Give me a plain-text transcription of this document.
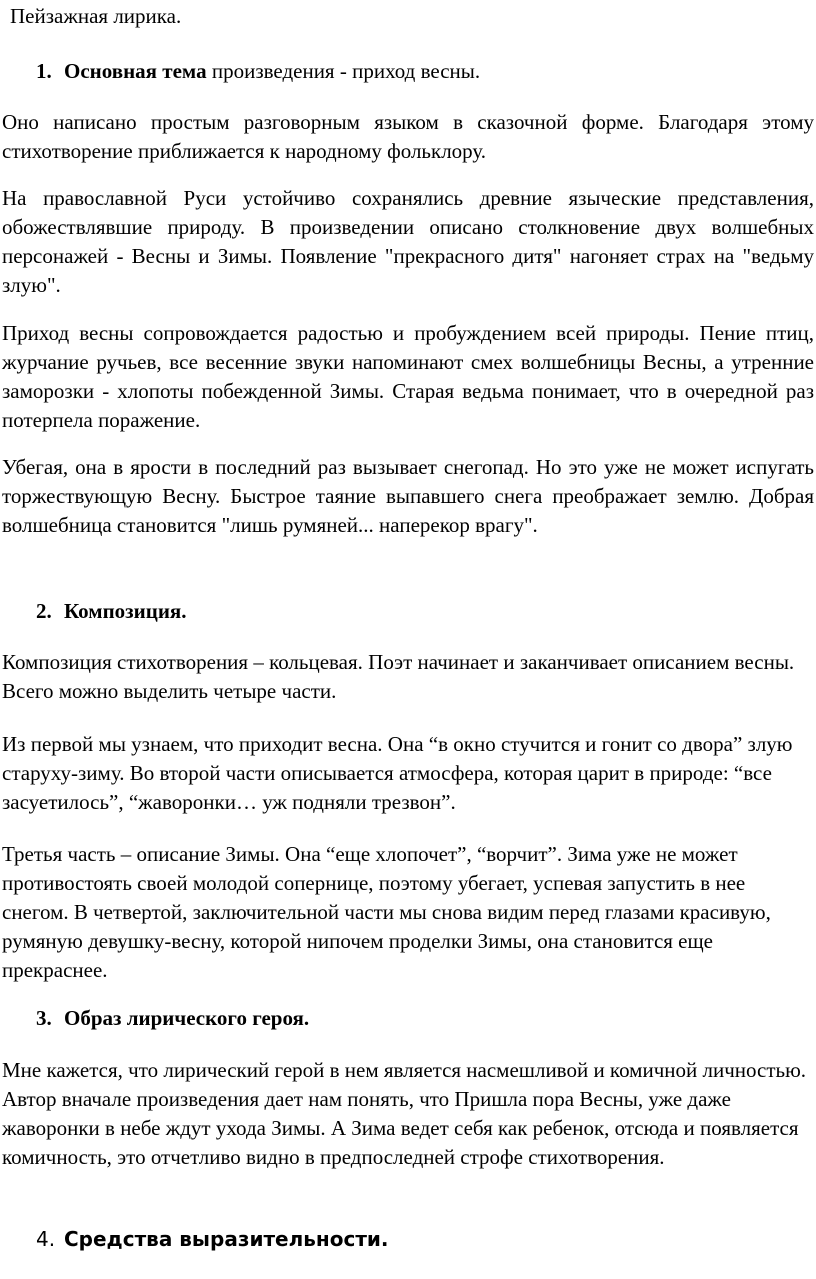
Пейзажная лирика.
1. Основная тема произведения - приход весны.

Оно написано простым разговорным языком в сказочной форме. Благодаря этому стихотворение приближается к народному фольклору.

На православной Руси устойчиво сохранялись древние языческие представления, обожествлявшие природу. В произведении описано столкновение двух волшебных персонажей - Весны и Зимы. Появление "прекрасного дитя" нагоняет страх на "ведьму злую".

Приход весны сопровождается радостью и пробуждением всей природы. Пение птиц, журчание ручьев, все весенние звуки напоминают смех волшебницы Весны, а утренние заморозки - хлопоты побежденной Зимы. Старая ведьма понимает, что в очередной раз потерпела поражение.

Убегая, она в ярости в последний раз вызывает снегопад. Но это уже не может испугать торжествующую Весну. Быстрое таяние выпавшего снега преображает землю. Добрая волшебница становится "лишь румяней... наперекор врагу".

2. Композиция.

Композиция стихотворения – кольцевая. Поэт начинает и заканчивает описанием весны. Всего можно выделить четыре части.

Из первой мы узнаем, что приходит весна. Она “в окно стучится и гонит со двора” злую старуху-зиму. Во второй части описывается атмосфера, которая царит в природе: “все засуетилось”, “жаворонки… уж подняли трезвон”.

Третья часть – описание Зимы. Она “еще хлопочет”, “ворчит”. Зима уже не может противостоять своей молодой сопернице, поэтому убегает, успевая запустить в нее снегом. В четвертой, заключительной части мы снова видим перед глазами красивую, румяную девушку-весну, которой нипочем проделки Зимы, она становится еще прекраснее.

3. Образ лирического героя.

Мне кажется, что лирический герой в нем является насмешливой и комичной личностью. Автор вначале произведения дает нам понять, что Пришла пора Весны, уже даже жаворонки в небе ждут ухода Зимы. А Зима ведет себя как ребенок, отсюда и появляется комичность, это отчетливо видно в предпоследней строфе стихотворения.

4. Средства выразительности.
